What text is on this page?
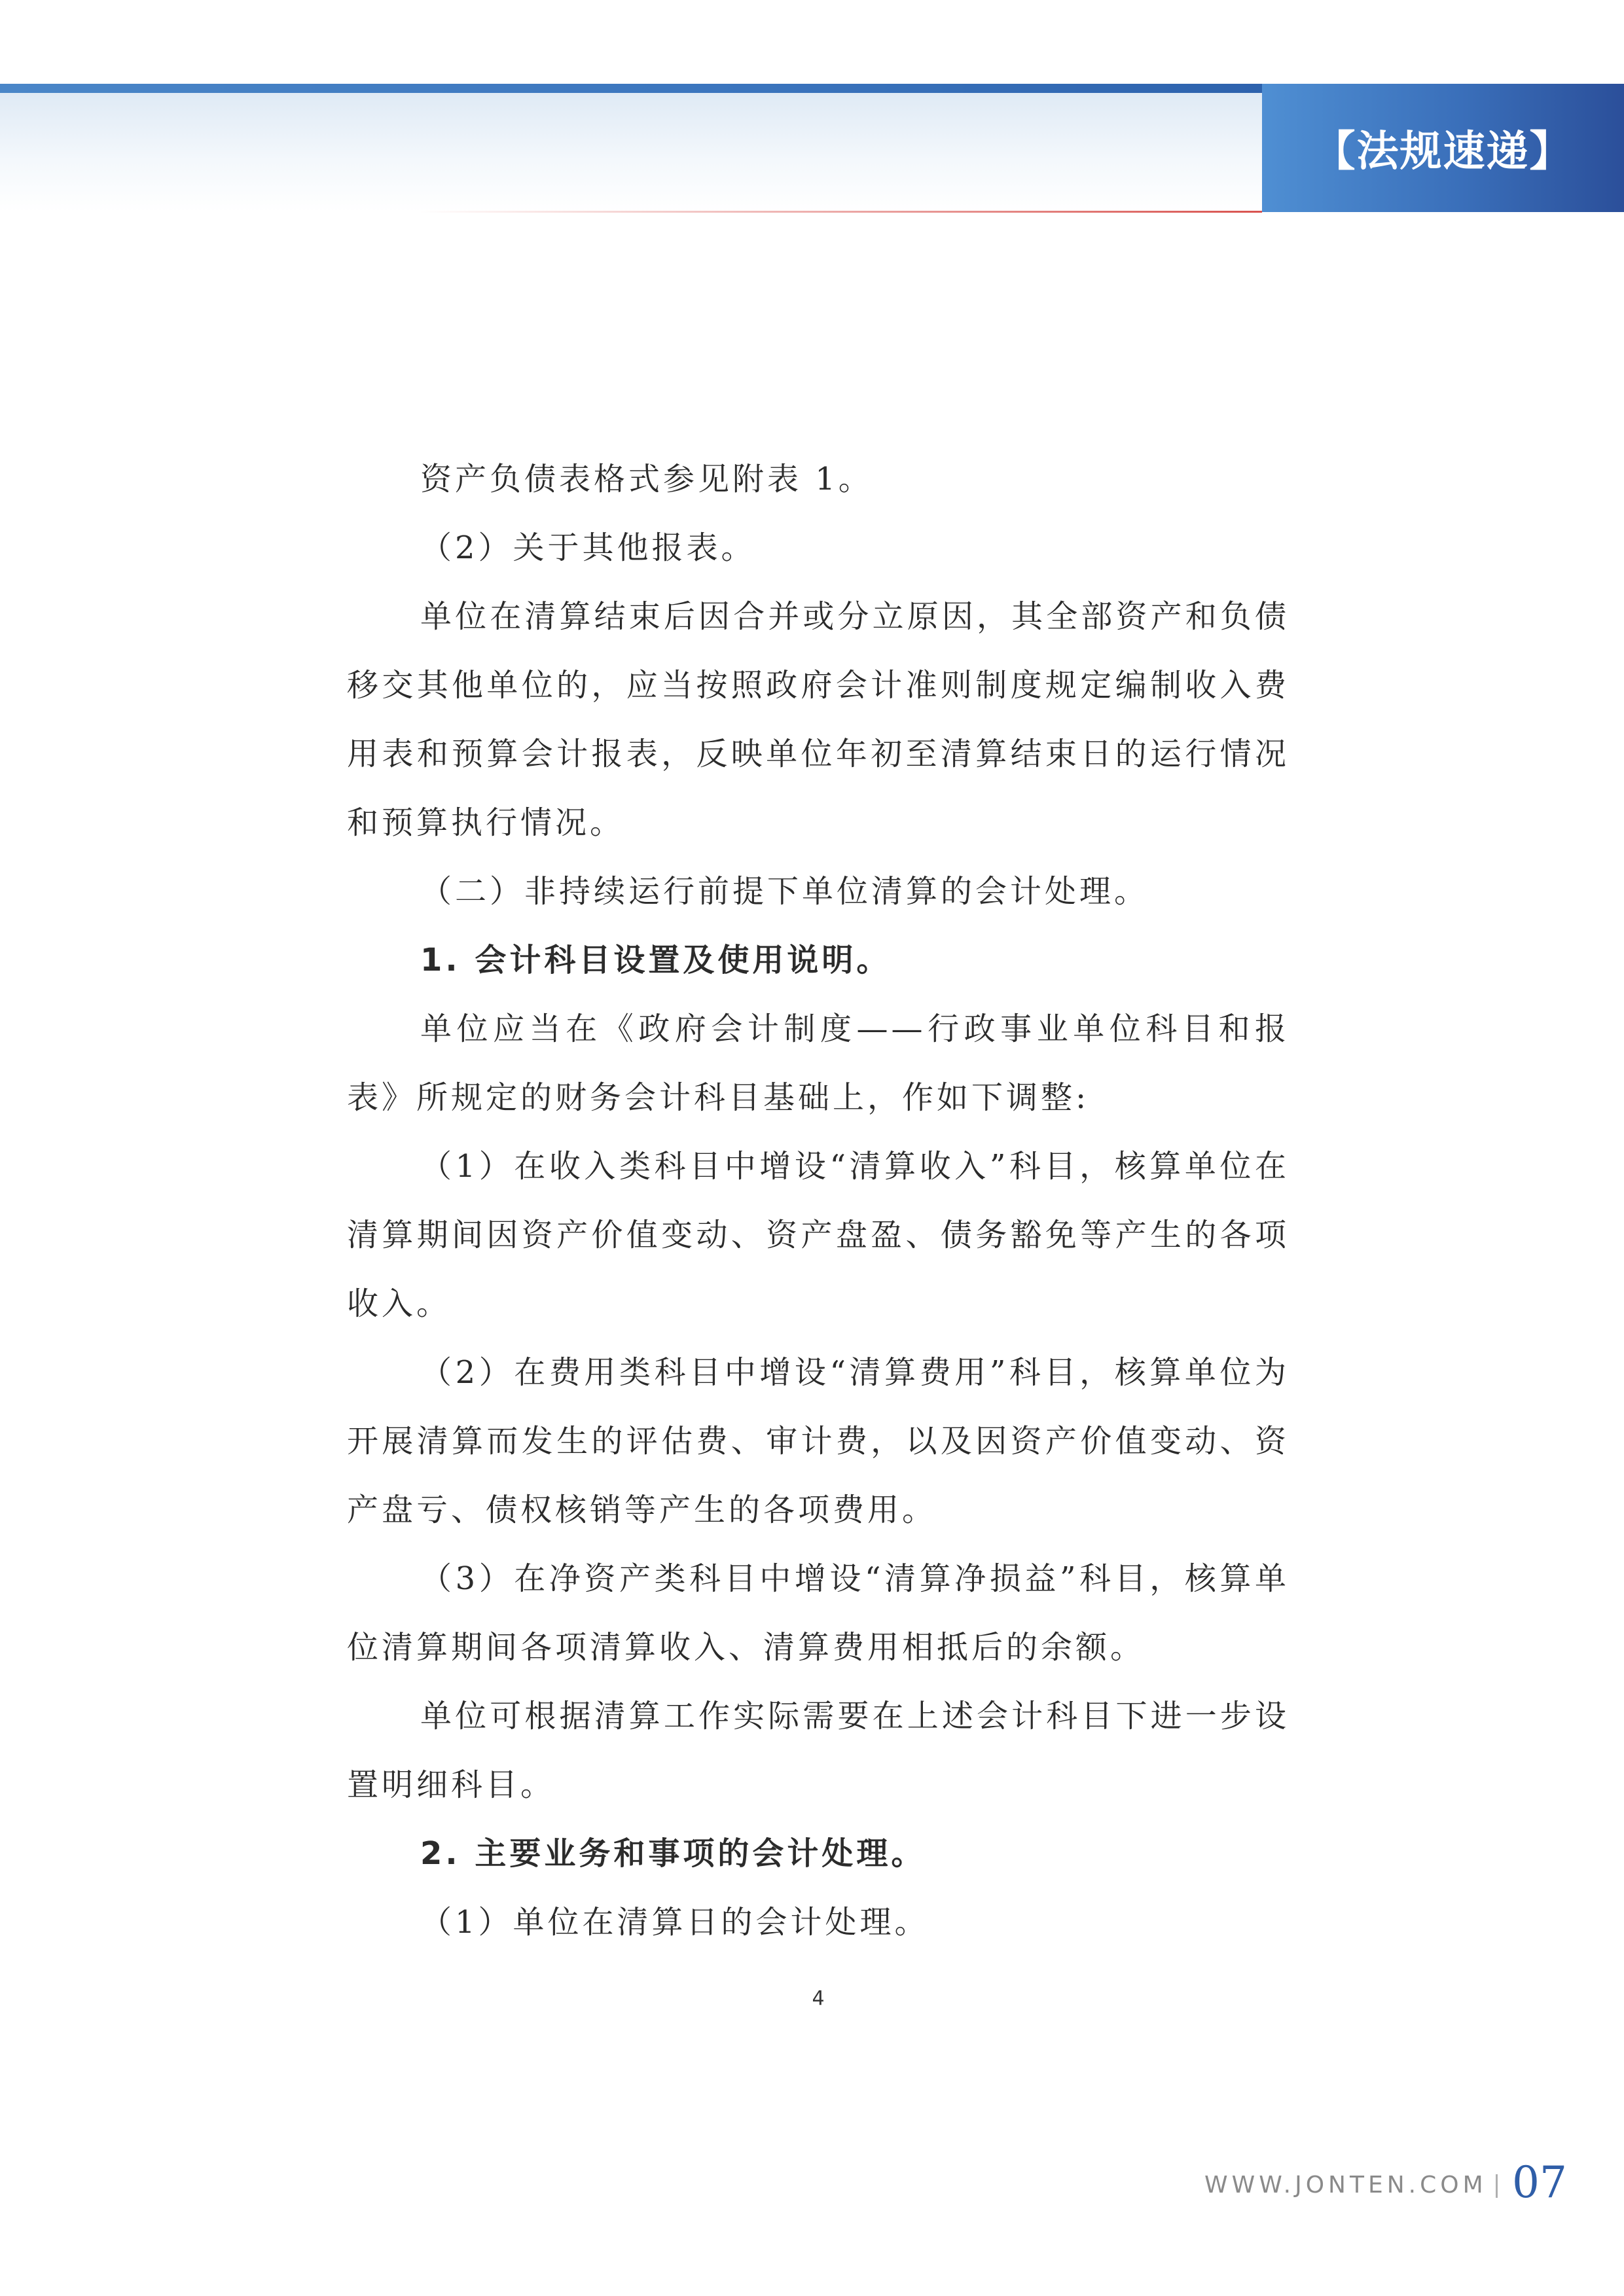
【法规速递】

资产负债表格式参见附表 1。

（2）关于其他报表。

单位在清算结束后因合并或分立原因，其全部资产和负债移交其他单位的，应当按照政府会计准则制度规定编制收入费用表和预算会计报表，反映单位年初至清算结束日的运行情况和预算执行情况。

（二）非持续运行前提下单位清算的会计处理。

1. 会计科目设置及使用说明。

单位应当在《政府会计制度——行政事业单位科目和报表》所规定的财务会计科目基础上，作如下调整:

（1）在收入类科目中增设“清算收入”科目，核算单位在清算期间因资产价值变动、资产盘盈、债务豁免等产生的各项收入。

（2）在费用类科目中增设“清算费用”科目，核算单位为开展清算而发生的评估费、审计费，以及因资产价值变动、资产盘亏、债权核销等产生的各项费用。

（3）在净资产类科目中增设“清算净损益”科目，核算单位清算期间各项清算收入、清算费用相抵后的余额。

单位可根据清算工作实际需要在上述会计科目下进一步设置明细科目。

2. 主要业务和事项的会计处理。

（1）单位在清算日的会计处理。

4
WWW.JONTEN.COM 07
